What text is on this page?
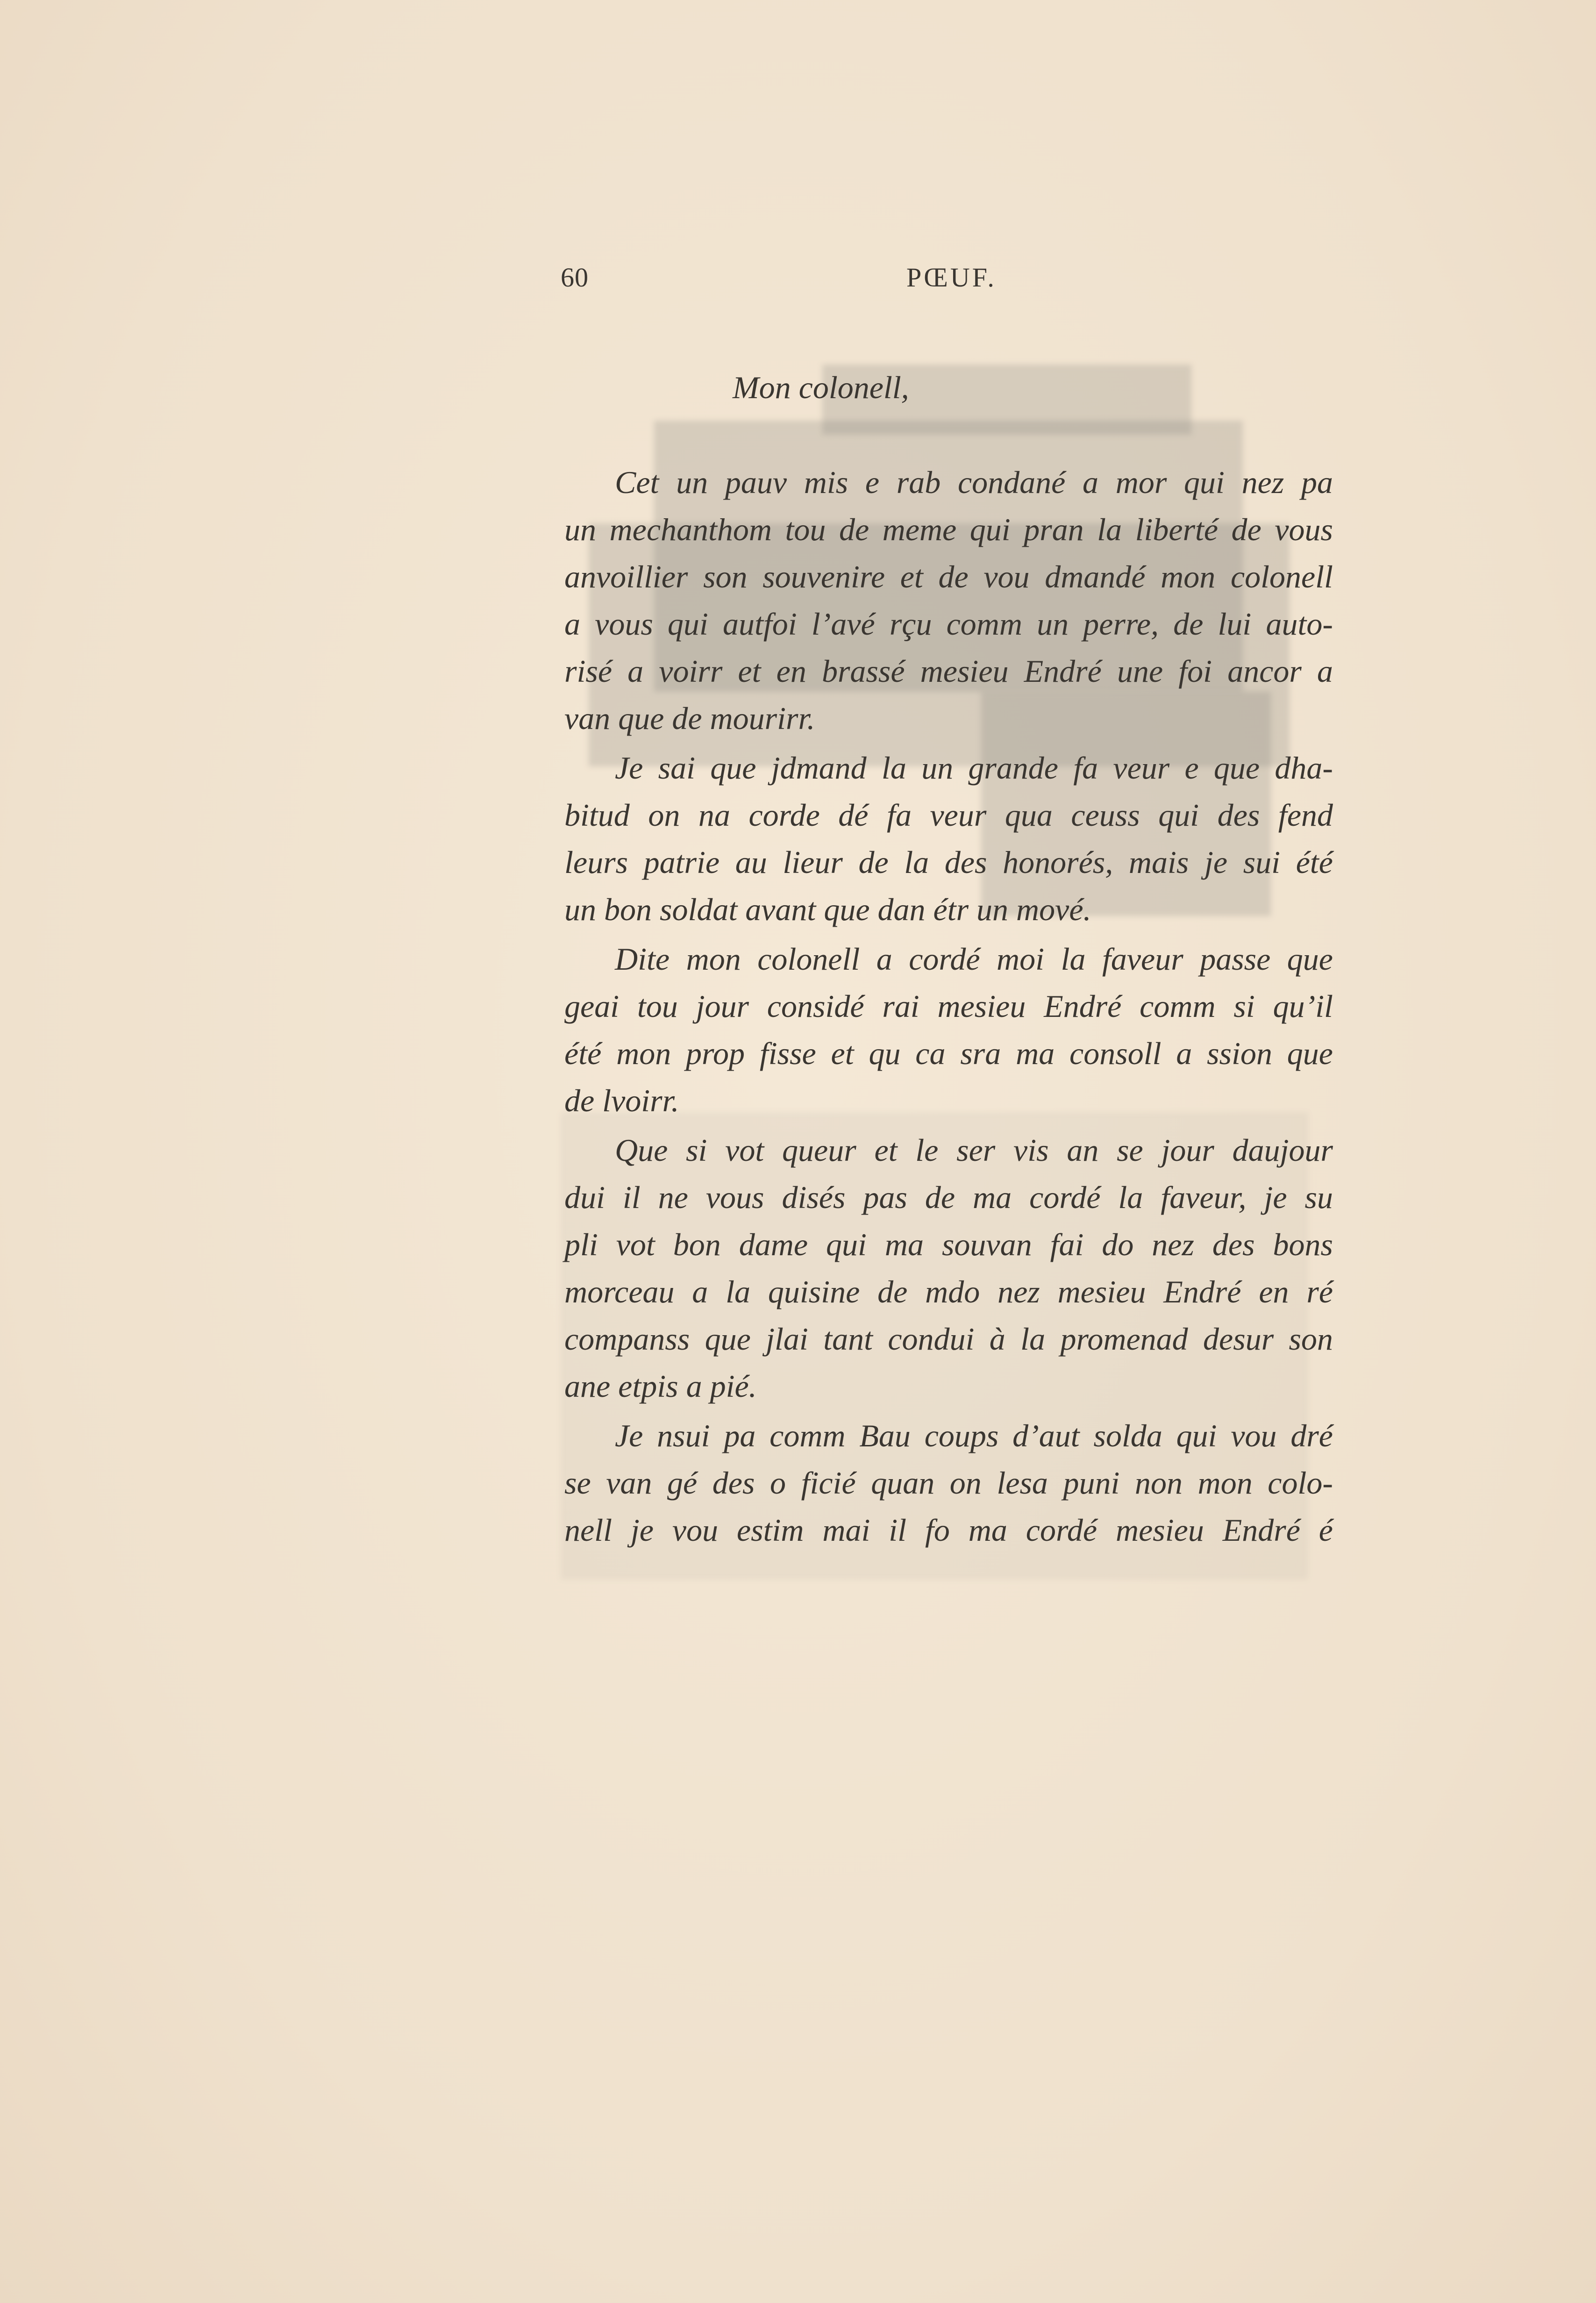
60	PŒUF.
Mon colonell,
Cet un pauv mis e rab condané a mor qui nez pa
un mechanthom tou de meme qui pran la liberté de vous
anvoillier son souvenire et de vou dmandé mon colonell
a vous qui autfoi l’avé rçu comm un perre, de lui auto-
risé a voirr et en brassé mesieu Endré une foi ancor a
van que de mourirr.
Je sai que jdmand la un grande fa veur e que dha-
bitud on na corde dé fa veur qua ceuss qui des fend
leurs patrie au lieur de la des honorés, mais je sui été
un bon soldat avant que dan étr un mové.
Dite mon colonell a cordé moi la faveur passe que
geai tou jour considé rai mesieu Endré comm si qu’il
été mon prop fisse et qu ca sra ma consoll a ssion que
de lvoirr.
Que si vot queur et le ser vis an se jour daujour
dui il ne vous disés pas de ma cordé la faveur, je su
pli vot bon dame qui ma souvan fai do nez des bons
morceau a la quisine de mdo nez mesieu Endré en ré
companss que jlai tant condui à la promenad desur son
ane etpis a pié.
Je nsui pa comm Bau coups d’aut solda qui vou dré
se van gé des o ficié quan on lesa puni non mon colo-
nell je vou estim mai il fo ma cordé mesieu Endré é
